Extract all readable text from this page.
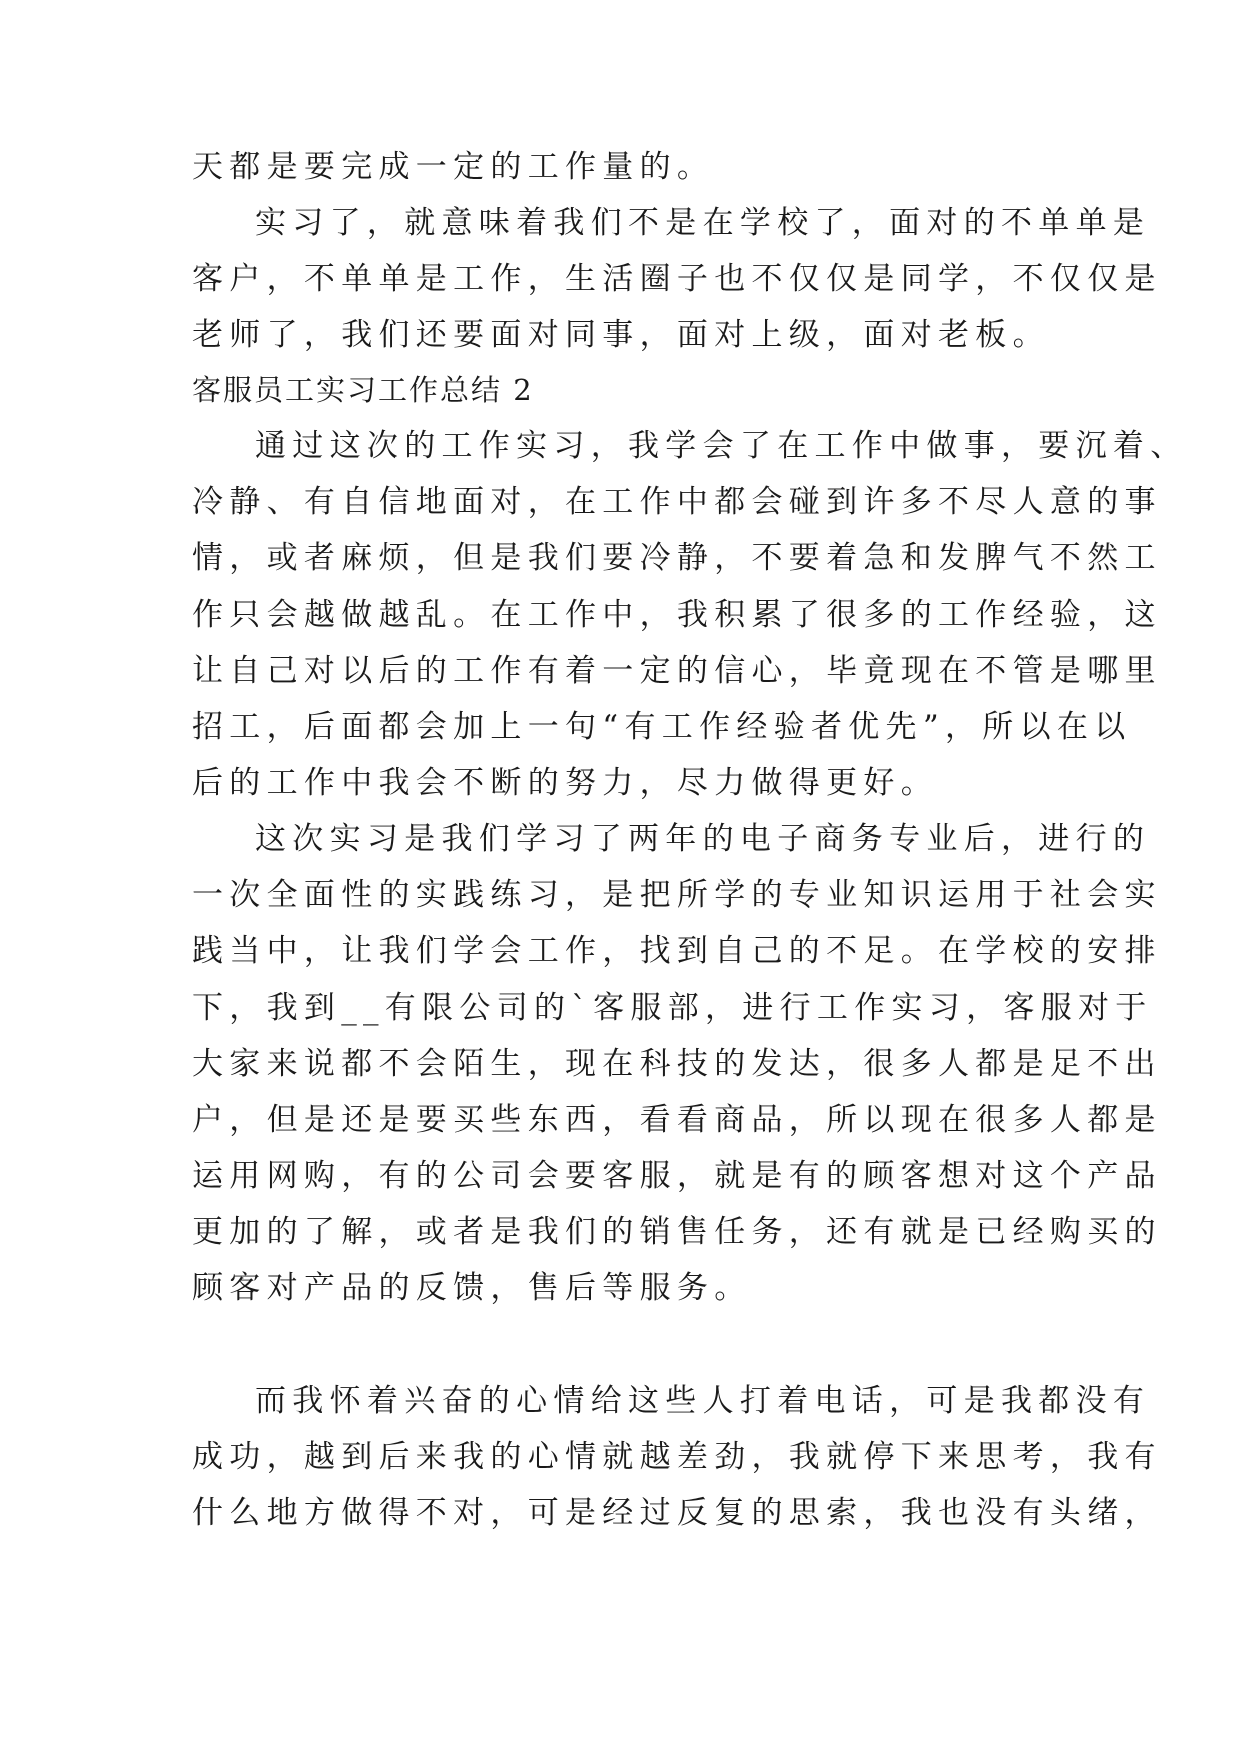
天都是要完成一定的工作量的。
实习了，就意味着我们不是在学校了，面对的不单单是
客户，不单单是工作，生活圈子也不仅仅是同学，不仅仅是
老师了，我们还要面对同事，面对上级，面对老板。
客服员工实习工作总结 2
通过这次的工作实习，我学会了在工作中做事，要沉着、
冷静、有自信地面对，在工作中都会碰到许多不尽人意的事
情，或者麻烦，但是我们要冷静，不要着急和发脾气不然工
作只会越做越乱。在工作中，我积累了很多的工作经验，这
让自己对以后的工作有着一定的信心，毕竟现在不管是哪里
招工，后面都会加上一句“有工作经验者优先”，所以在以
后的工作中我会不断的努力，尽力做得更好。
这次实习是我们学习了两年的电子商务专业后，进行的
一次全面性的实践练习，是把所学的专业知识运用于社会实
践当中，让我们学会工作，找到自己的不足。在学校的安排
下，我到__有限公司的`客服部，进行工作实习，客服对于
大家来说都不会陌生，现在科技的发达，很多人都是足不出
户，但是还是要买些东西，看看商品，所以现在很多人都是
运用网购，有的公司会要客服，就是有的顾客想对这个产品
更加的了解，或者是我们的销售任务，还有就是已经购买的
顾客对产品的反馈，售后等服务。
而我怀着兴奋的心情给这些人打着电话，可是我都没有
成功，越到后来我的心情就越差劲，我就停下来思考，我有
什么地方做得不对，可是经过反复的思索，我也没有头绪，
